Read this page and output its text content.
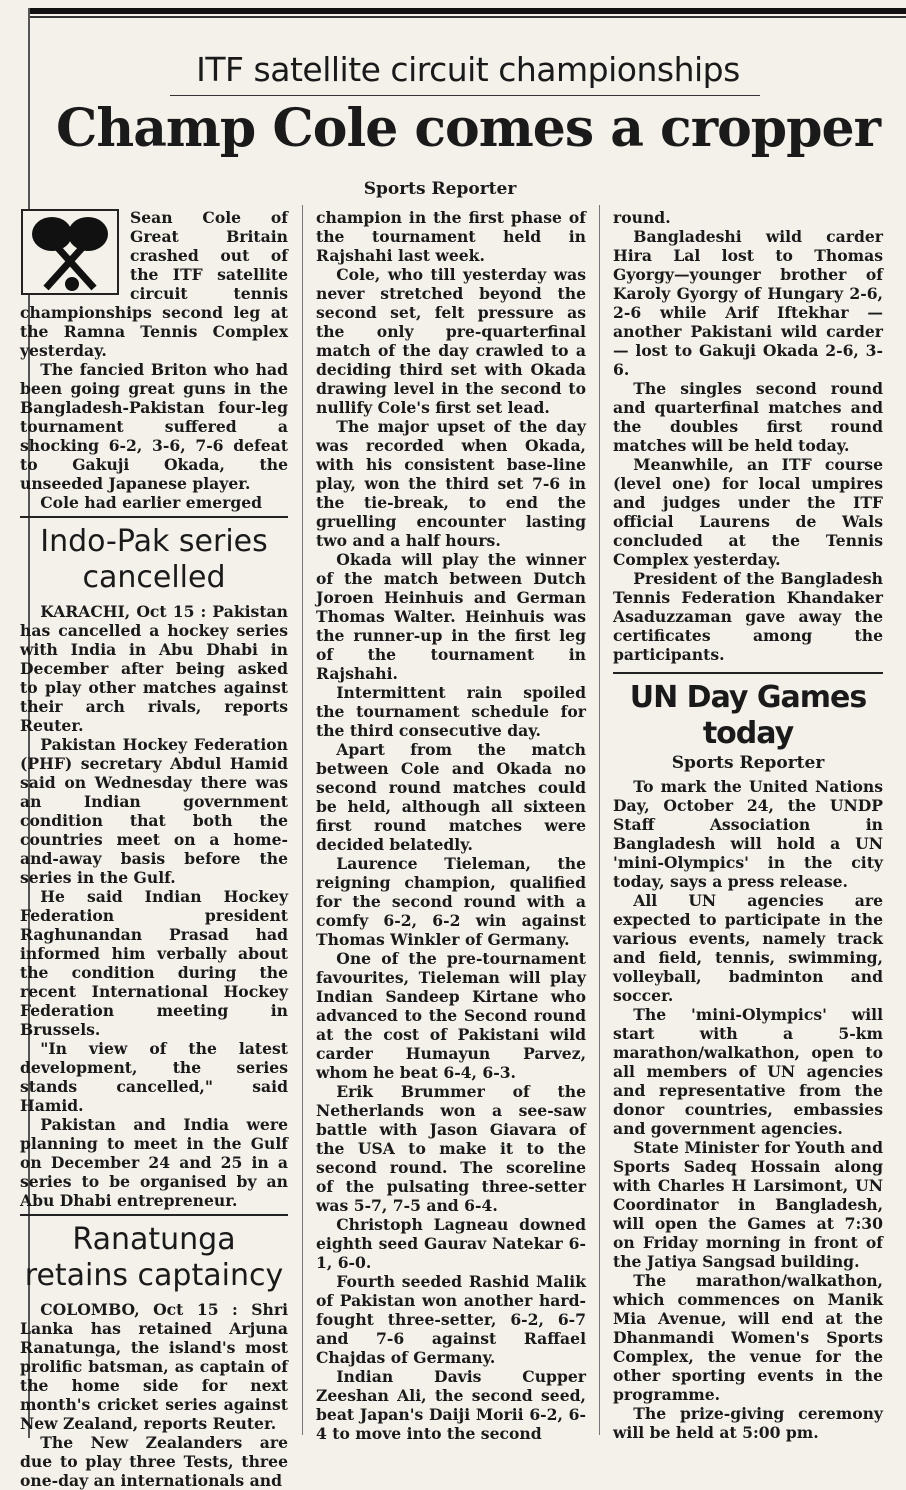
ITF satellite circuit championships
Champ Cole comes a cropper
Sports Reporter

Sean Cole of Great Britain crashed out of the ITF satellite circuit tennis championships second leg at the Ramna Tennis Complex yesterday.

The fancied Briton who had been going great guns in the Bangladesh-Pakistan four-leg tournament suffered a shocking 6-2, 3-6, 7-6 defeat to Gakuji Okada, the unseeded Japanese player.

Cole had earlier emerged

Indo-Pak series cancelled

KARACHI, Oct 15 : Pakistan has cancelled a hockey series with India in Abu Dhabi in December after being asked to play other matches against their arch rivals, reports Reuter.

Pakistan Hockey Federation (PHF) secretary Abdul Hamid said on Wednesday there was an Indian government condition that both the countries meet on a home-and-away basis before the series in the Gulf.

He said Indian Hockey Federation president Raghunandan Prasad had informed him verbally about the condition during the recent International Hockey Federation meeting in Brussels.

"In view of the latest development, the series stands cancelled," said Hamid.

Pakistan and India were planning to meet in the Gulf on December 24 and 25 in a series to be organised by an Abu Dhabi entrepreneur.

Ranatunga retains captaincy

COLOMBO, Oct 15 : Shri Lanka has retained Arjuna Ranatunga, the island's most prolific batsman, as captain of the home side for next month's cricket series against New Zealand, reports Reuter.

The New Zealanders are due to play three Tests, three one-day an internationals and

champion in the first phase of the tournament held in Rajshahi last week.

Cole, who till yesterday was never stretched beyond the second set, felt pressure as the only pre-quarterfinal match of the day crawled to a deciding third set with Okada drawing level in the second to nullify Cole's first set lead.

The major upset of the day was recorded when Okada, with his consistent base-line play, won the third set 7-6 in the tie-break, to end the gruelling encounter lasting two and a half hours.

Okada will play the winner of the match between Dutch Joroen Heinhuis and German Thomas Walter. Heinhuis was the runner-up in the first leg of the tournament in Rajshahi.

Intermittent rain spoiled the tournament schedule for the third consecutive day.

Apart from the match between Cole and Okada no second round matches could be held, although all sixteen first round matches were decided belatedly.

Laurence Tieleman, the reigning champion, qualified for the second round with a comfy 6-2, 6-2 win against Thomas Winkler of Germany.

One of the pre-tournament favourites, Tieleman will play Indian Sandeep Kirtane who advanced to the Second round at the cost of Pakistani wild carder Humayun Parvez, whom he beat 6-4, 6-3.

Erik Brummer of the Netherlands won a see-saw battle with Jason Giavara of the USA to make it to the second round. The scoreline of the pulsating three-setter was 5-7, 7-5 and 6-4.

Christoph Lagneau downed eighth seed Gaurav Natekar 6-1, 6-0.

Fourth seeded Rashid Malik of Pakistan won another hard-fought three-setter, 6-2, 6-7 and 7-6 against Raffael Chajdas of Germany.

Indian Davis Cupper Zeeshan Ali, the second seed, beat Japan's Daiji Morii 6-2, 6-4 to move into the second

round.

Bangladeshi wild carder Hira Lal lost to Thomas Gyorgy—younger brother of Karoly Gyorgy of Hungary 2-6, 2-6 while Arif Iftekhar — another Pakistani wild carder — lost to Gakuji Okada 2-6, 3-6.

The singles second round and quarterfinal matches and the doubles first round matches will be held today.

Meanwhile, an ITF course (level one) for local umpires and judges under the ITF official Laurens de Wals concluded at the Tennis Complex yesterday.

President of the Bangladesh Tennis Federation Khandaker Asaduzzaman gave away the certificates among the participants.

UN Day Games today
Sports Reporter

To mark the United Nations Day, October 24, the UNDP Staff Association in Bangladesh will hold a UN 'mini-Olympics' in the city today, says a press release.

All UN agencies are expected to participate in the various events, namely track and field, tennis, swimming, volleyball, badminton and soccer.

The 'mini-Olympics' will start with a 5-km marathon/walkathon, open to all members of UN agencies and representative from the donor countries, embassies and government agencies.

State Minister for Youth and Sports Sadeq Hossain along with Charles H Larsimont, UN Coordinator in Bangladesh, will open the Games at 7:30 on Friday morning in front of the Jatiya Sangsad building.

The marathon/walkathon, which commences on Manik Mia Avenue, will end at the Dhanmandi Women's Sports Complex, the venue for the other sporting events in the programme.

The prize-giving ceremony will be held at 5:00 pm.
